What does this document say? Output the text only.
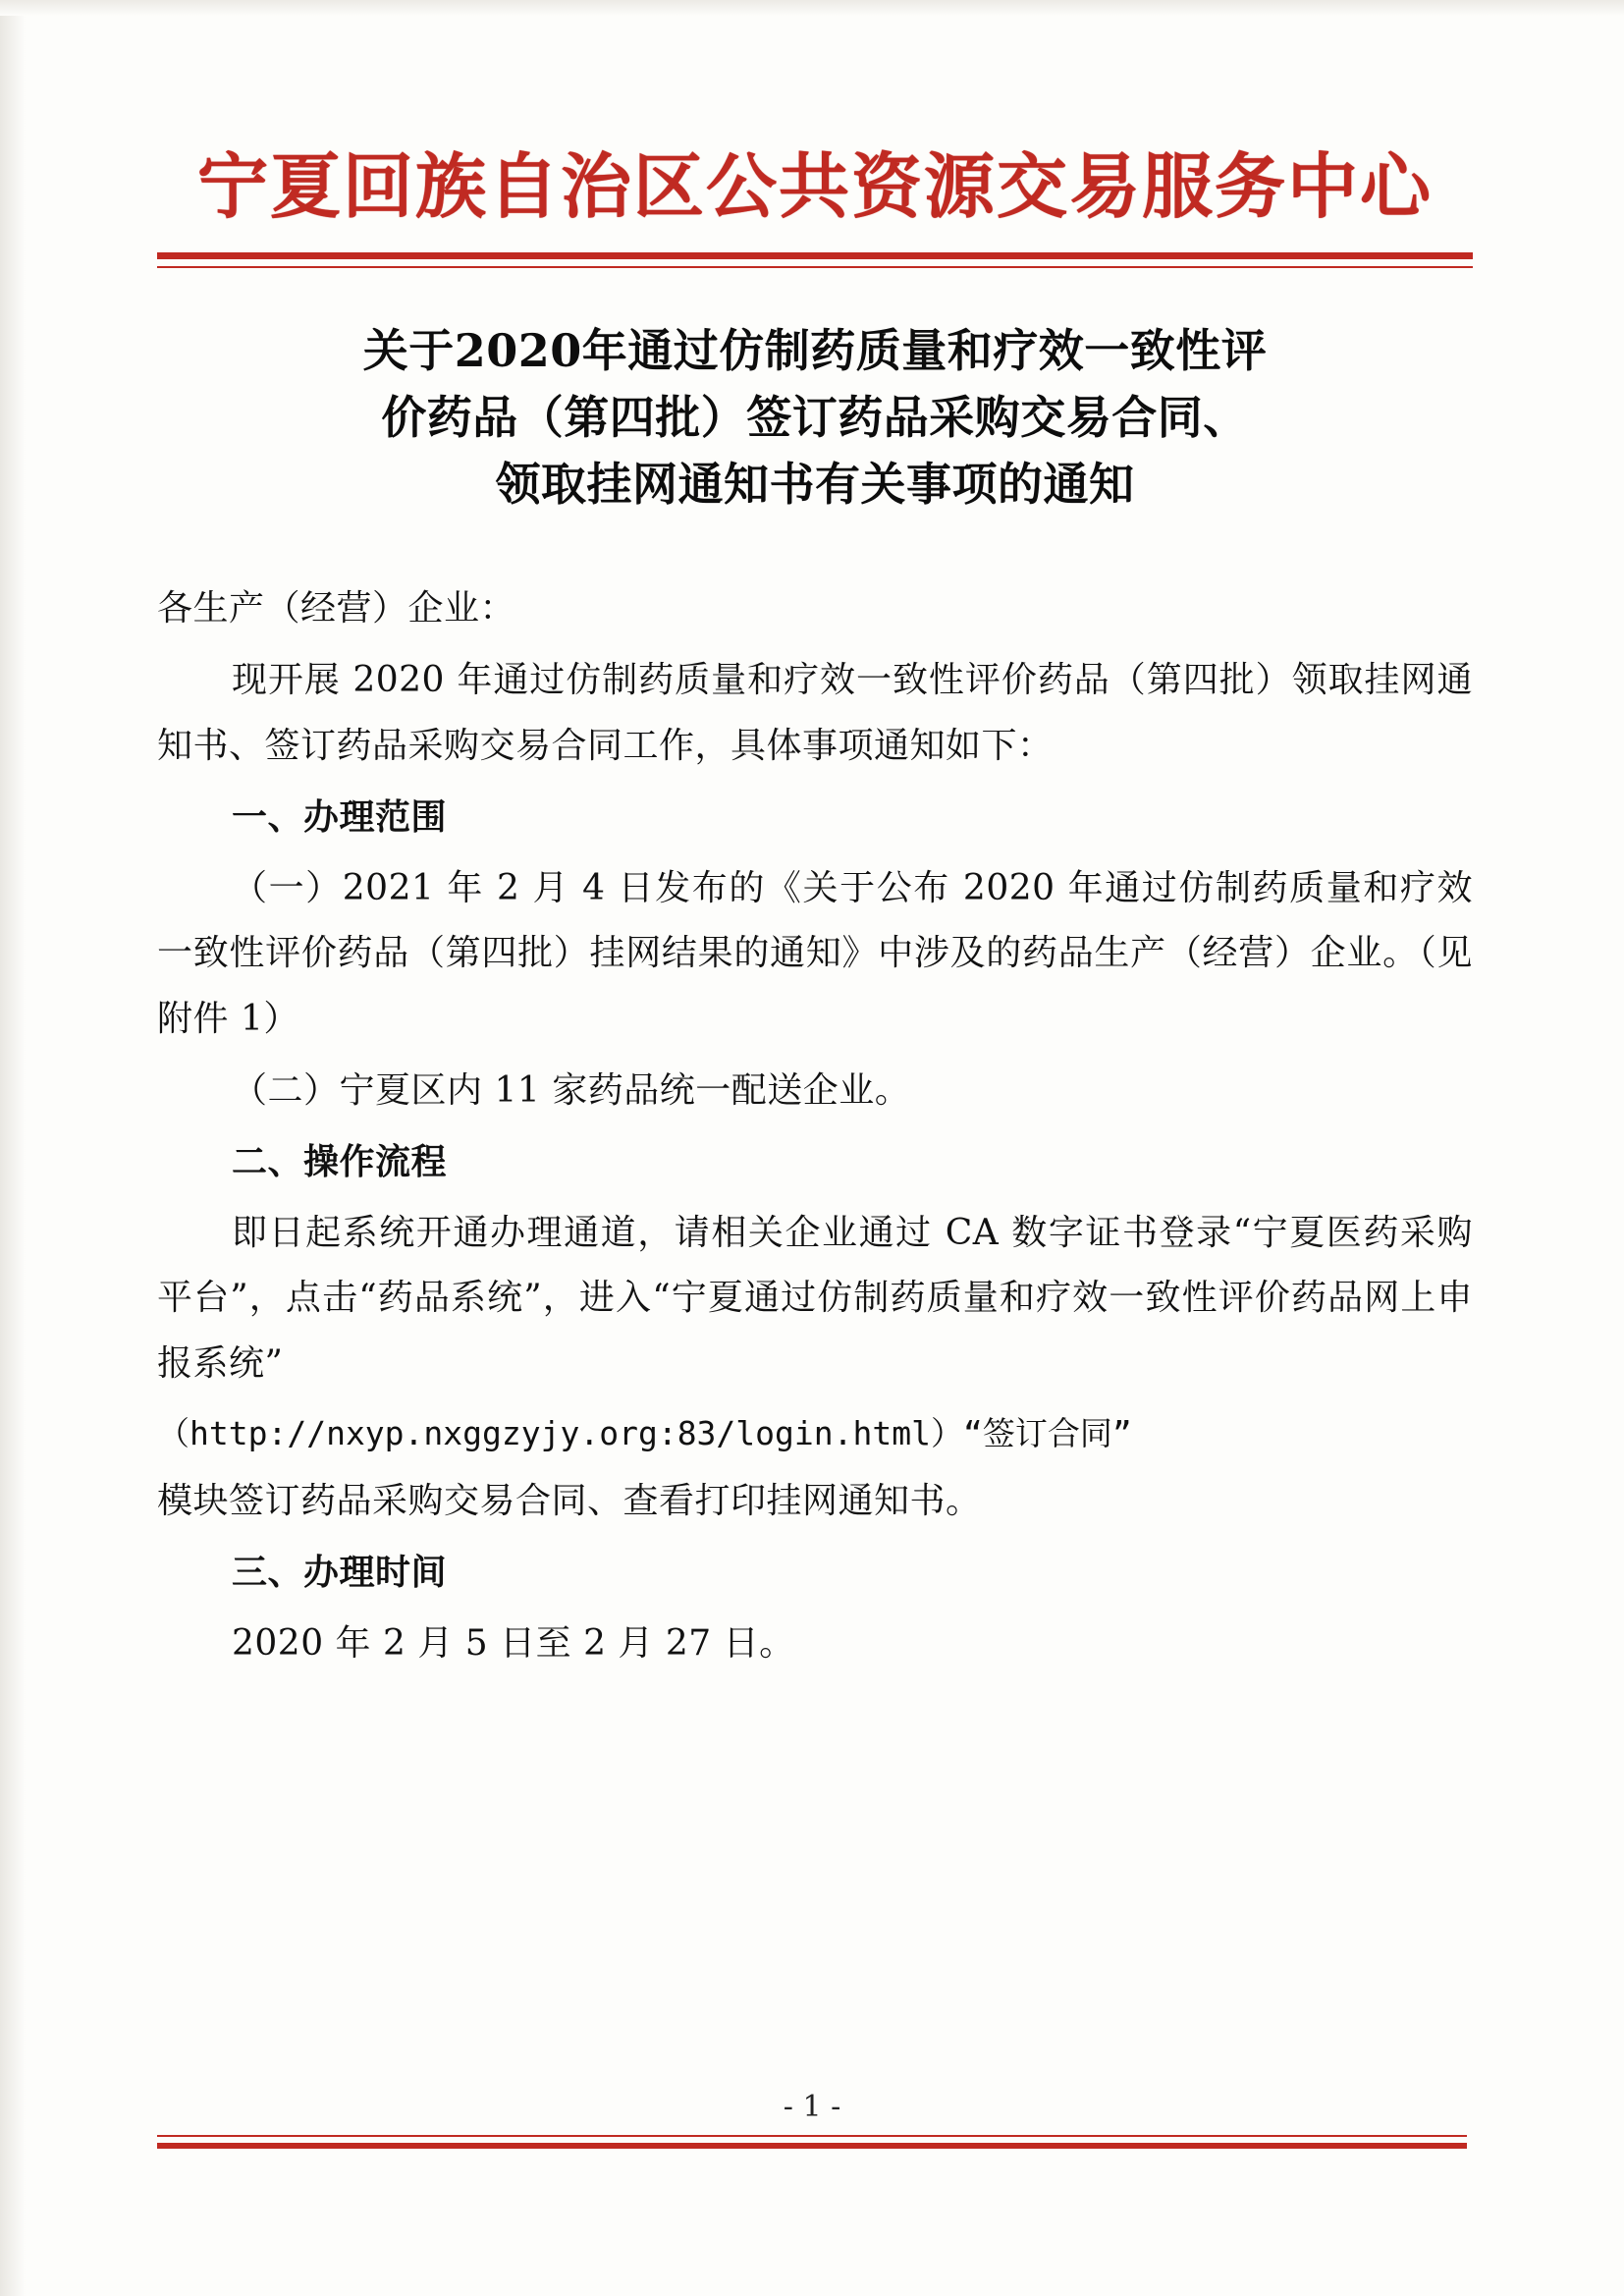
宁夏回族自治区公共资源交易服务中心
关于2020年通过仿制药质量和疗效一致性评
价药品（第四批）签订药品采购交易合同、
领取挂网通知书有关事项的通知

各生产（经营）企业：

现开展 2020 年通过仿制药质量和疗效一致性评价药品（第四批）领取挂网通知书、签订药品采购交易合同工作，具体事项通知如下：

一、办理范围

（一）2021 年 2 月 4 日发布的《关于公布 2020 年通过仿制药质量和疗效一致性评价药品（第四批）挂网结果的通知》中涉及的药品生产（经营）企业。（见附件 1）

（二）宁夏区内 11 家药品统一配送企业。

二、操作流程

即日起系统开通办理通道，请相关企业通过 CA 数字证书登录“宁夏医药采购平台”，点击“药品系统”，进入“宁夏通过仿制药质量和疗效一致性评价药品网上申报系统”

（http://nxyp.nxggzyjy.org:83/login.html）“签订合同”

模块签订药品采购交易合同、查看打印挂网通知书。

三、办理时间

2020 年 2 月 5 日至 2 月 27 日。

- 1 -
